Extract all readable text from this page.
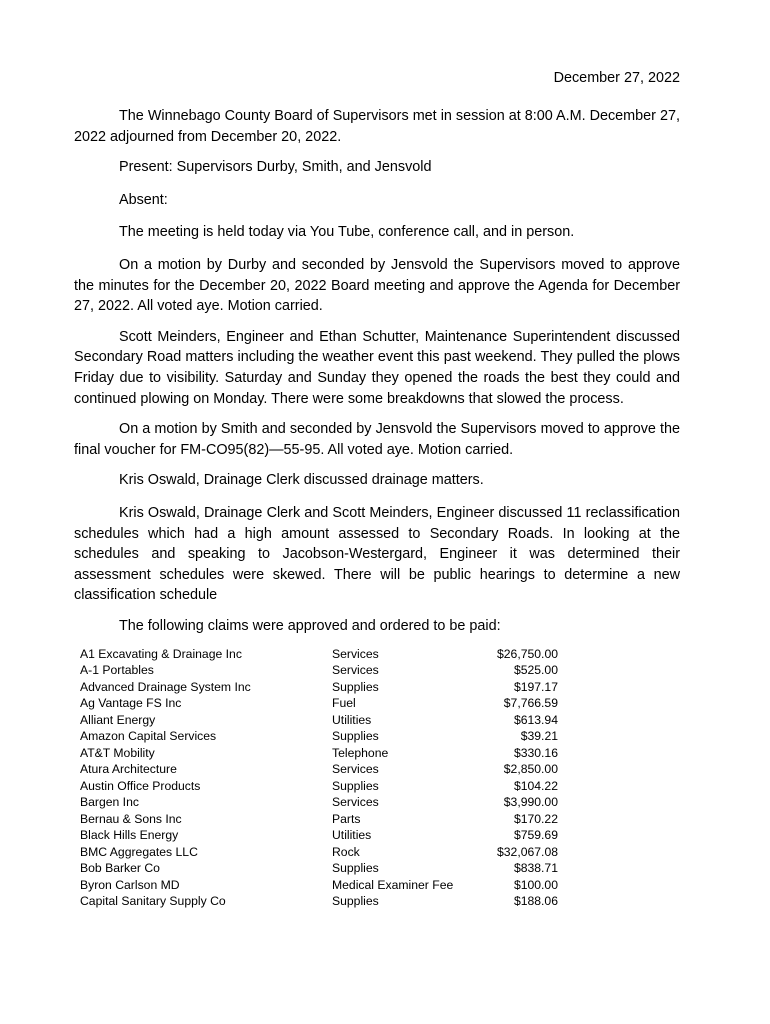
December 27, 2022

The Winnebago County Board of Supervisors met in session at 8:00 A.M. December 27, 2022 adjourned from December 20, 2022.

Present: Supervisors Durby, Smith, and Jensvold

Absent:

The meeting is held today via You Tube, conference call, and in person.

On a motion by Durby and seconded by Jensvold the Supervisors moved to approve the minutes for the December 20, 2022 Board meeting and approve the Agenda for December 27, 2022. All voted aye. Motion carried.

Scott Meinders, Engineer and Ethan Schutter, Maintenance Superintendent discussed Secondary Road matters including the weather event this past weekend. They pulled the plows Friday due to visibility. Saturday and Sunday they opened the roads the best they could and continued plowing on Monday. There were some breakdowns that slowed the process.

On a motion by Smith and seconded by Jensvold the Supervisors moved to approve the final voucher for FM-CO95(82)—55-95. All voted aye. Motion carried.

Kris Oswald, Drainage Clerk discussed drainage matters.

Kris Oswald, Drainage Clerk and Scott Meinders, Engineer discussed 11 reclassification schedules which had a high amount assessed to Secondary Roads. In looking at the schedules and speaking to Jacobson-Westergard, Engineer it was determined their assessment schedules were skewed. There will be public hearings to determine a new classification schedule

The following claims were approved and ordered to be paid:

A1 Excavating & Drainage Inc	Services	$26,750.00
A-1 Portables	Services	$525.00
Advanced Drainage System Inc	Supplies	$197.17
Ag Vantage FS Inc	Fuel	$7,766.59
Alliant Energy	Utilities	$613.94
Amazon Capital Services	Supplies	$39.21
AT&T Mobility	Telephone	$330.16
Atura Architecture	Services	$2,850.00
Austin Office Products	Supplies	$104.22
Bargen Inc	Services	$3,990.00
Bernau & Sons Inc	Parts	$170.22
Black Hills Energy	Utilities	$759.69
BMC Aggregates LLC	Rock	$32,067.08
Bob Barker Co	Supplies	$838.71
Byron Carlson MD	Medical Examiner Fee	$100.00
Capital Sanitary Supply Co	Supplies	$188.06
